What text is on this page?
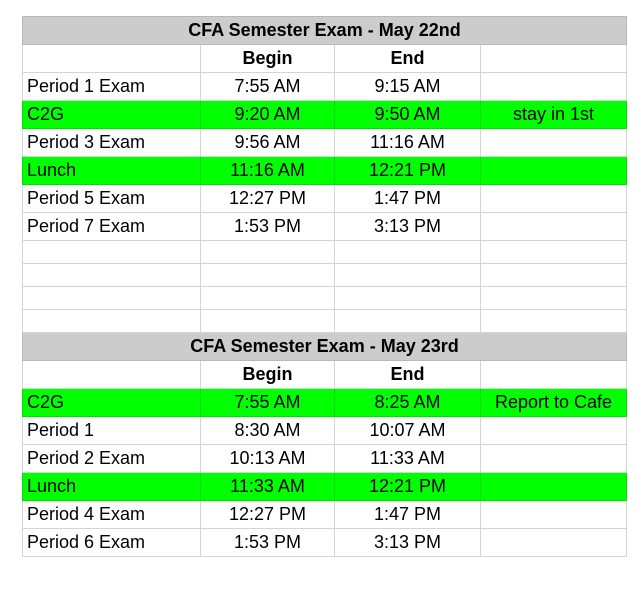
CFA Semester Exam - May 22nd			
	Begin	End	
Period 1 Exam	7:55 AM	9:15 AM	
C2G	9:20 AM	9:50 AM	stay in 1st
Period 3 Exam	9:56 AM	11:16 AM	
Lunch	11:16 AM	12:21 PM	
Period 5 Exam	12:27 PM	1:47 PM	
Period 7 Exam	1:53 PM	3:13 PM	

CFA Semester Exam - May 23rd			
	Begin	End	
C2G	7:55 AM	8:25 AM	Report to Cafe
Period 1	8:30 AM	10:07 AM	
Period 2 Exam	10:13 AM	11:33 AM	
Lunch	11:33 AM	12:21 PM	
Period 4 Exam	12:27 PM	1:47 PM	
Period 6 Exam	1:53 PM	3:13 PM	
